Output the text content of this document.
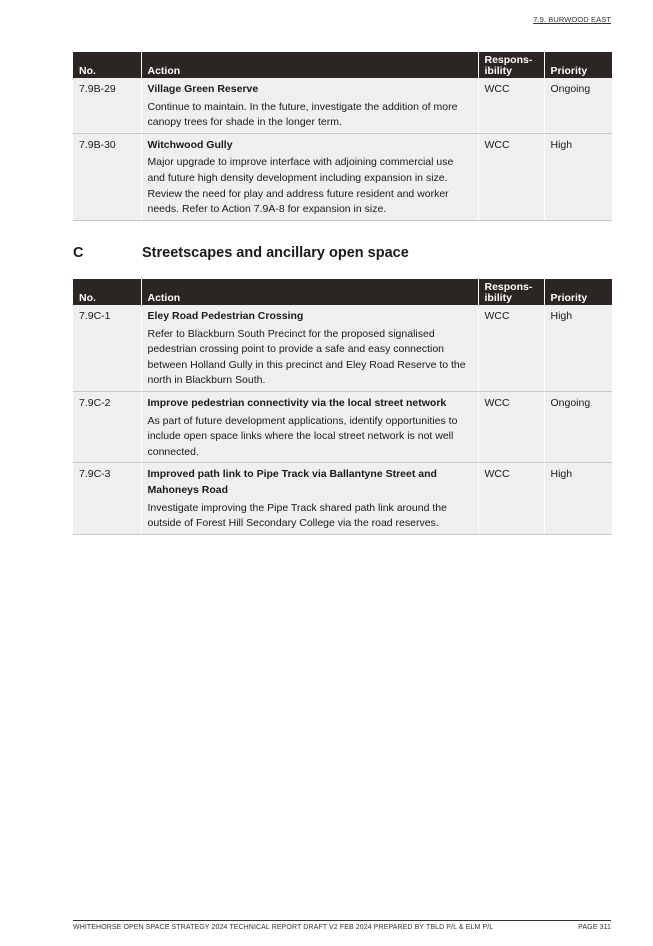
7.9. BURWOOD EAST
No.	Action	Respons-
ibility	Priority

7.9B-29	Village Green Reserve
Continue to maintain. In the future, investigate the addition of more canopy trees for shade in the longer term.	WCC	Ongoing
7.9B-30	Witchwood Gully
Major upgrade to improve interface with adjoining commercial use and future high density development including expansion in size. Review the need for play and address future resident and worker needs. Refer to Action 7.9A-8 for expansion in size.	WCC	High
C	Streetscapes and ancillary open space
No.	Action	Respons-
ibility	Priority

7.9C-1	Eley Road Pedestrian Crossing
Refer to Blackburn South Precinct for the proposed signalised pedestrian crossing point to provide a safe and easy connection between Holland Gully in this precinct and Eley Road Reserve to the north in Blackburn South.	WCC	High
7.9C-2	Improve pedestrian connectivity via the local street network
As part of future development applications, identify opportunities to include open space links where the local street network is not well connected.	WCC	Ongoing
7.9C-3	Improved path link to Pipe Track via Ballantyne Street and Mahoneys Road
Investigate improving the Pipe Track shared path link around the outside of Forest Hill Secondary College via the road reserves.	WCC	High
WHITEHORSE OPEN SPACE STRATEGY 2024 TECHNICAL REPORT DRAFT V2 FEB 2024 PREPARED BY TBLD P/L & ELM P/L	PAGE 311
